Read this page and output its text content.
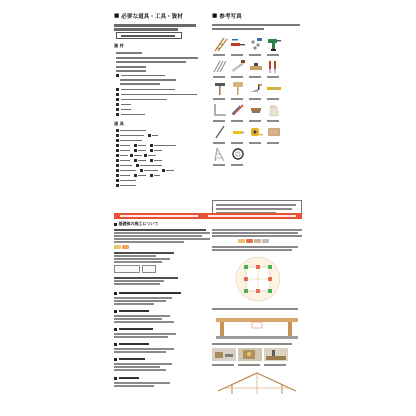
■ 必要な道具・工具・資材
資 材
道 具
■ 参考写真
基礎部の施工について
